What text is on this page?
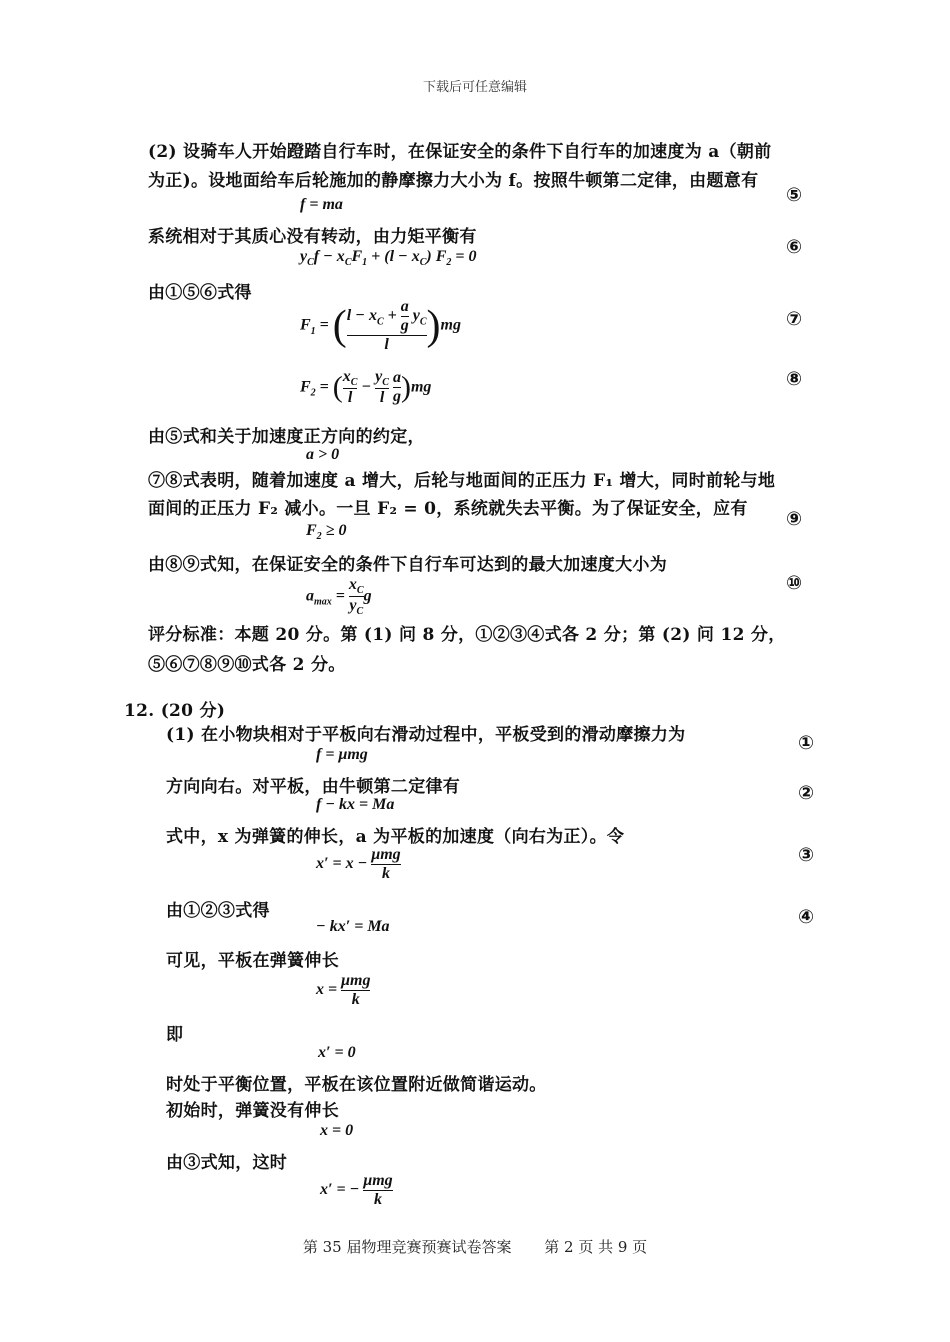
下载后可任意编辑
(2) 设骑车人开始蹬踏自行车时，在保证安全的条件下自行车的加速度为 a（朝前
为正)。设地面给车后轮施加的静摩擦力大小为 f。按照牛顿第二定律，由题意有
f = ma	⑤
系统相对于其质心没有转动，由力矩平衡有
$y_Cf - x_CF_1 + (l - x_C) F_2 = 0$	⑥
由①⑤⑥式得
$F_1$ = ( $\frac{l - x_C + \frac{a}{g} y_C}{l} )mg$	⑦
$F_2$ = ( $\frac{x_C}{l} - \frac{y_C}{l}$
$\frac{a}{g} )mg$	⑧
由⑤式和关于加速度正方向的约定，
a > 0
⑦⑧式表明，随着加速度 a 增大，后轮与地面间的正压力 F₁ 增大，同时前轮与地
面间的正压力 F₂ 减小。一旦 F₂ = 0，系统就失去平衡。为了保证安全，应有
$F_2 \ge 0$
⑨
由⑧⑨式知，在保证安全的条件下自行车可达到的最大加速度大小为
$a_{max} = \frac{x_C}{y_C}$ g
⑩
评分标准：本题 20 分。第 (1) 问 8 分，①②③④式各 2 分；第 (2) 问 12 分，
⑤⑥⑦⑧⑨⑩式各 2 分。
12. (20 分)
(1) 在小物块相对于平板向右滑动过程中，平板受到的滑动摩擦力为
f = μmg
①
方向向右。对平板，由牛顿第二定律有
f − kx = Ma
②
式中，x 为弹簧的伸长，a 为平板的加速度（向右为正）。令
$x' = x - \frac{\text{μmg}}{k}$	③
由①②③式得
− kx′ = Ma	④
可见，平板在弹簧伸长
$x = \frac{\text{μmg}}{k}$
即
x′ = 0
时处于平衡位置，平板在该位置附近做简谐运动。
初始时，弹簧没有伸长
x = 0
由③式知，这时
x′ = − $\frac{\text{μmg}}{k}$
第 35 届物理竞赛预赛试卷答案 第 2 页 共 9 页
